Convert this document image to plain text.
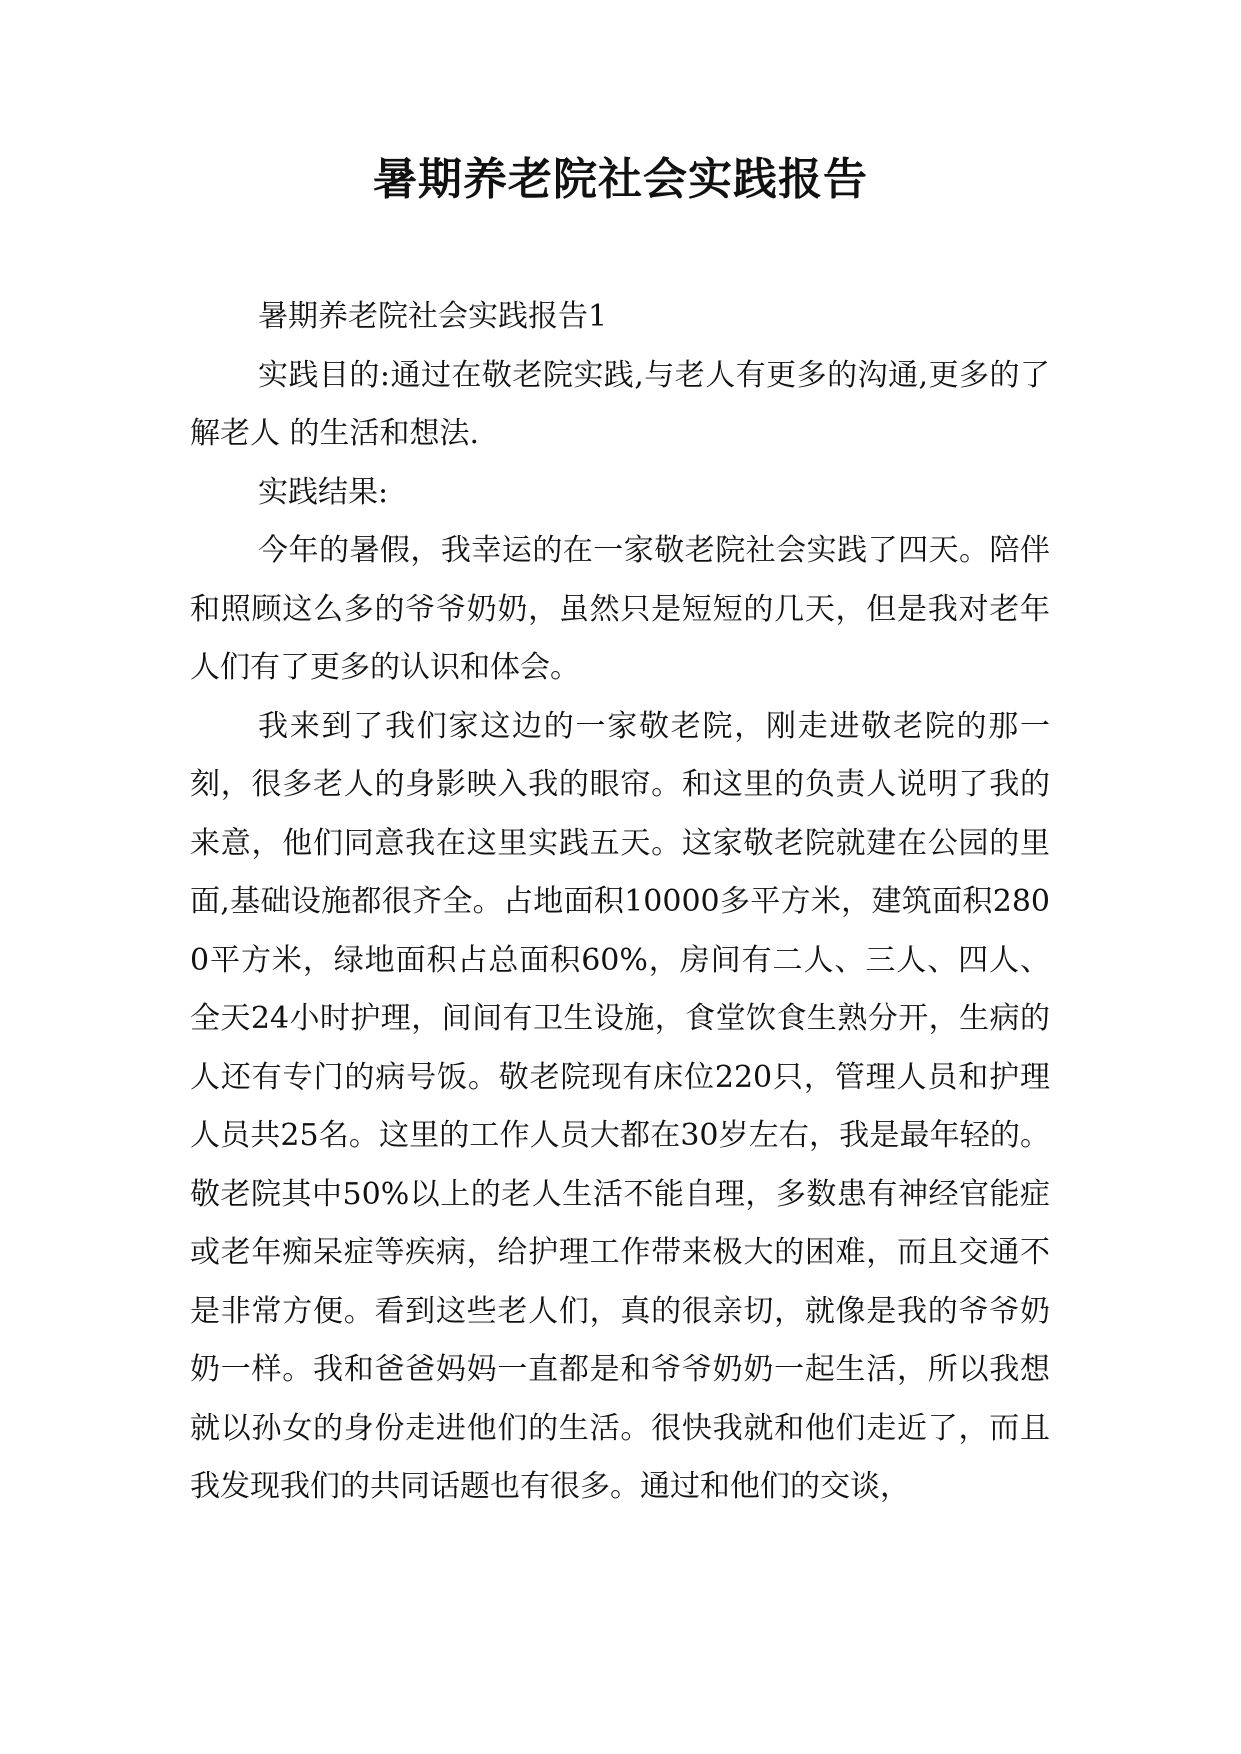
暑期养老院社会实践报告

暑期养老院社会实践报告1

实践目的:通过在敬老院实践,与老人有更多的沟通,更多的了解老人 的生活和想法.

实践结果:

今年的暑假，我幸运的在一家敬老院社会实践了四天。陪伴和照顾这么多的爷爷奶奶，虽然只是短短的几天，但是我对老年人们有了更多的认识和体会。

我来到了我们家这边的一家敬老院，刚走进敬老院的那一刻，很多老人的身影映入我的眼帘。和这里的负责人说明了我的来意，他们同意我在这里实践五天。这家敬老院就建在公园的里面,基础设施都很齐全。占地面积10000多平方米，建筑面积2800平方米，绿地面积占总面积60%，房间有二人、三人、四人、全天24小时护理，间间有卫生设施，食堂饮食生熟分开，生病的人还有专门的病号饭。敬老院现有床位220只，管理人员和护理人员共25名。这里的工作人员大都在30岁左右，我是最年轻的。敬老院其中50%以上的老人生活不能自理，多数患有神经官能症或老年痴呆症等疾病，给护理工作带来极大的困难，而且交通不是非常方便。看到这些老人们，真的很亲切，就像是我的爷爷奶奶一样。我和爸爸妈妈一直都是和爷爷奶奶一起生活，所以我想就以孙女的身份走进他们的生活。很快我就和他们走近了，而且我发现我们的共同话题也有很多。通过和他们的交谈，
